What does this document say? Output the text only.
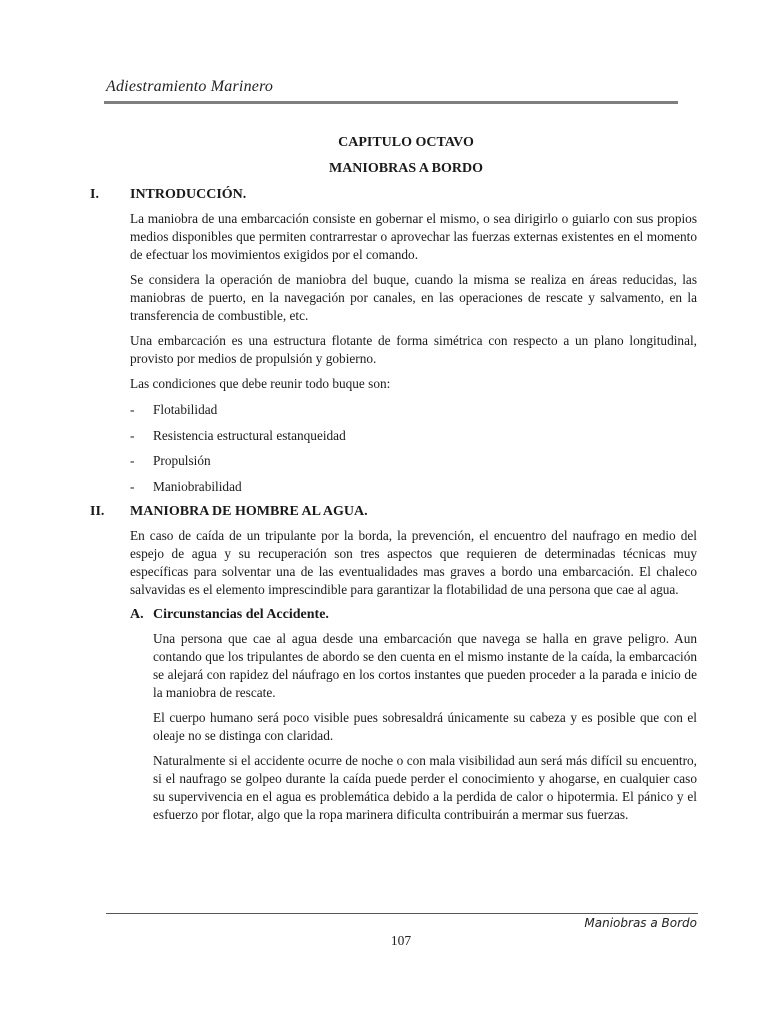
Adiestramiento Marinero
CAPITULO OCTAVO
MANIOBRAS A BORDO
I.	INTRODUCCIÓN.

La maniobra de una embarcación consiste en gobernar el mismo, o sea dirigirlo o guiarlo con sus propios medios disponibles que permiten contrarrestar o aprovechar las fuerzas externas existentes en el momento de efectuar los movimientos exigidos por el comando.

Se considera la operación de maniobra del buque, cuando la misma se realiza en áreas reducidas, las maniobras de puerto, en la navegación por canales, en las operaciones de rescate y salvamento, en la transferencia de combustible, etc.

Una embarcación es una estructura flotante de forma simétrica con respecto a un plano longitudinal, provisto por medios de propulsión y gobierno.

Las condiciones que debe reunir todo buque son:

-	Flotabilidad
-	Resistencia estructural estanqueidad
-	Propulsión
-	Maniobrabilidad
II.	MANIOBRA DE HOMBRE AL AGUA.

En caso de caída de un tripulante por la borda, la prevención, el encuentro del naufrago en medio del espejo de agua y su recuperación son tres aspectos que requieren de determinadas técnicas muy específicas para solventar una de las eventualidades mas graves a bordo una embarcación. El chaleco salvavidas es el elemento imprescindible para garantizar la flotabilidad de una persona que cae al agua.

A. Circunstancias del Accidente.

Una persona que cae al agua desde una embarcación que navega se halla en grave peligro. Aun contando que los tripulantes de abordo se den cuenta en el mismo instante de la caída, la embarcación se alejará con rapidez del náufrago en los cortos instantes que pueden proceder a la parada e inicio de la maniobra de rescate.

El cuerpo humano será poco visible pues sobresaldrá únicamente su cabeza y es posible que con el oleaje no se distinga con claridad.

Naturalmente si el accidente ocurre de noche o con mala visibilidad aun será más difícil su encuentro, si el naufrago se golpeo durante la caída puede perder el conocimiento y ahogarse, en cualquier caso su supervivencia en el agua es problemática debido a la perdida de calor o hipotermia. El pánico y el esfuerzo por flotar, algo que la ropa marinera dificulta contribuirán a mermar sus fuerzas.

Maniobras a Bordo
107
